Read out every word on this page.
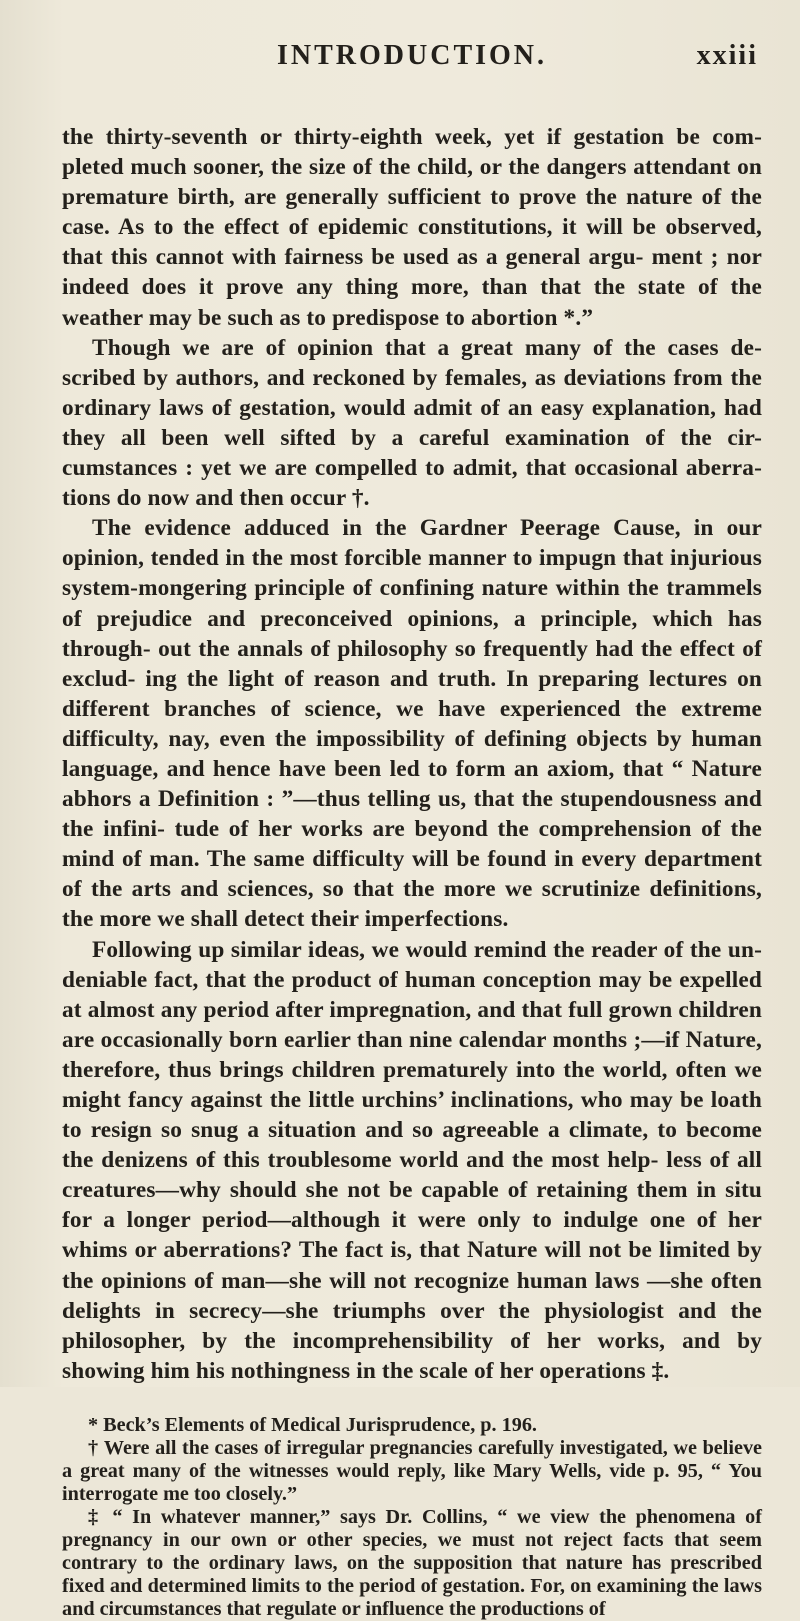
INTRODUCTION.	xxiii

the thirty-seventh or thirty-eighth week, yet if gestation be com- pleted much sooner, the size of the child, or the dangers attendant on premature birth, are generally sufficient to prove the nature of the case. As to the effect of epidemic constitutions, it will be observed, that this cannot with fairness be used as a general argu- ment ; nor indeed does it prove any thing more, than that the state of the weather may be such as to predispose to abortion *.”

Though we are of opinion that a great many of the cases de- scribed by authors, and reckoned by females, as deviations from the ordinary laws of gestation, would admit of an easy explanation, had they all been well sifted by a careful examination of the cir- cumstances : yet we are compelled to admit, that occasional aberra- tions do now and then occur †.

The evidence adduced in the Gardner Peerage Cause, in our opinion, tended in the most forcible manner to impugn that injurious system-mongering principle of confining nature within the trammels of prejudice and preconceived opinions, a principle, which has through- out the annals of philosophy so frequently had the effect of exclud- ing the light of reason and truth. In preparing lectures on different branches of science, we have experienced the extreme difficulty, nay, even the impossibility of defining objects by human language, and hence have been led to form an axiom, that “ Nature abhors a Definition : ”—thus telling us, that the stupendousness and the infini- tude of her works are beyond the comprehension of the mind of man. The same difficulty will be found in every department of the arts and sciences, so that the more we scrutinize definitions, the more we shall detect their imperfections.

Following up similar ideas, we would remind the reader of the un- deniable fact, that the product of human conception may be expelled at almost any period after impregnation, and that full grown children are occasionally born earlier than nine calendar months ;—if Nature, therefore, thus brings children prematurely into the world, often we might fancy against the little urchins’ inclinations, who may be loath to resign so snug a situation and so agreeable a climate, to become the denizens of this troublesome world and the most help- less of all creatures—why should she not be capable of retaining them in situ for a longer period—although it were only to indulge one of her whims or aberrations? The fact is, that Nature will not be limited by the opinions of man—she will not recognize human laws —she often delights in secrecy—she triumphs over the physiologist and the philosopher, by the incomprehensibility of her works, and by showing him his nothingness in the scale of her operations ‡.

* Beck’s Elements of Medical Jurisprudence, p. 196.

† Were all the cases of irregular pregnancies carefully investigated, we believe a great many of the witnesses would reply, like Mary Wells, vide p. 95, “ You interrogate me too closely.”

‡ “ In whatever manner,” says Dr. Collins, “ we view the phenomena of pregnancy in our own or other species, we must not reject facts that seem contrary to the ordinary laws, on the supposition that nature has prescribed fixed and determined limits to the period of gestation. For, on examining the laws and circumstances that regulate or influence the productions of
